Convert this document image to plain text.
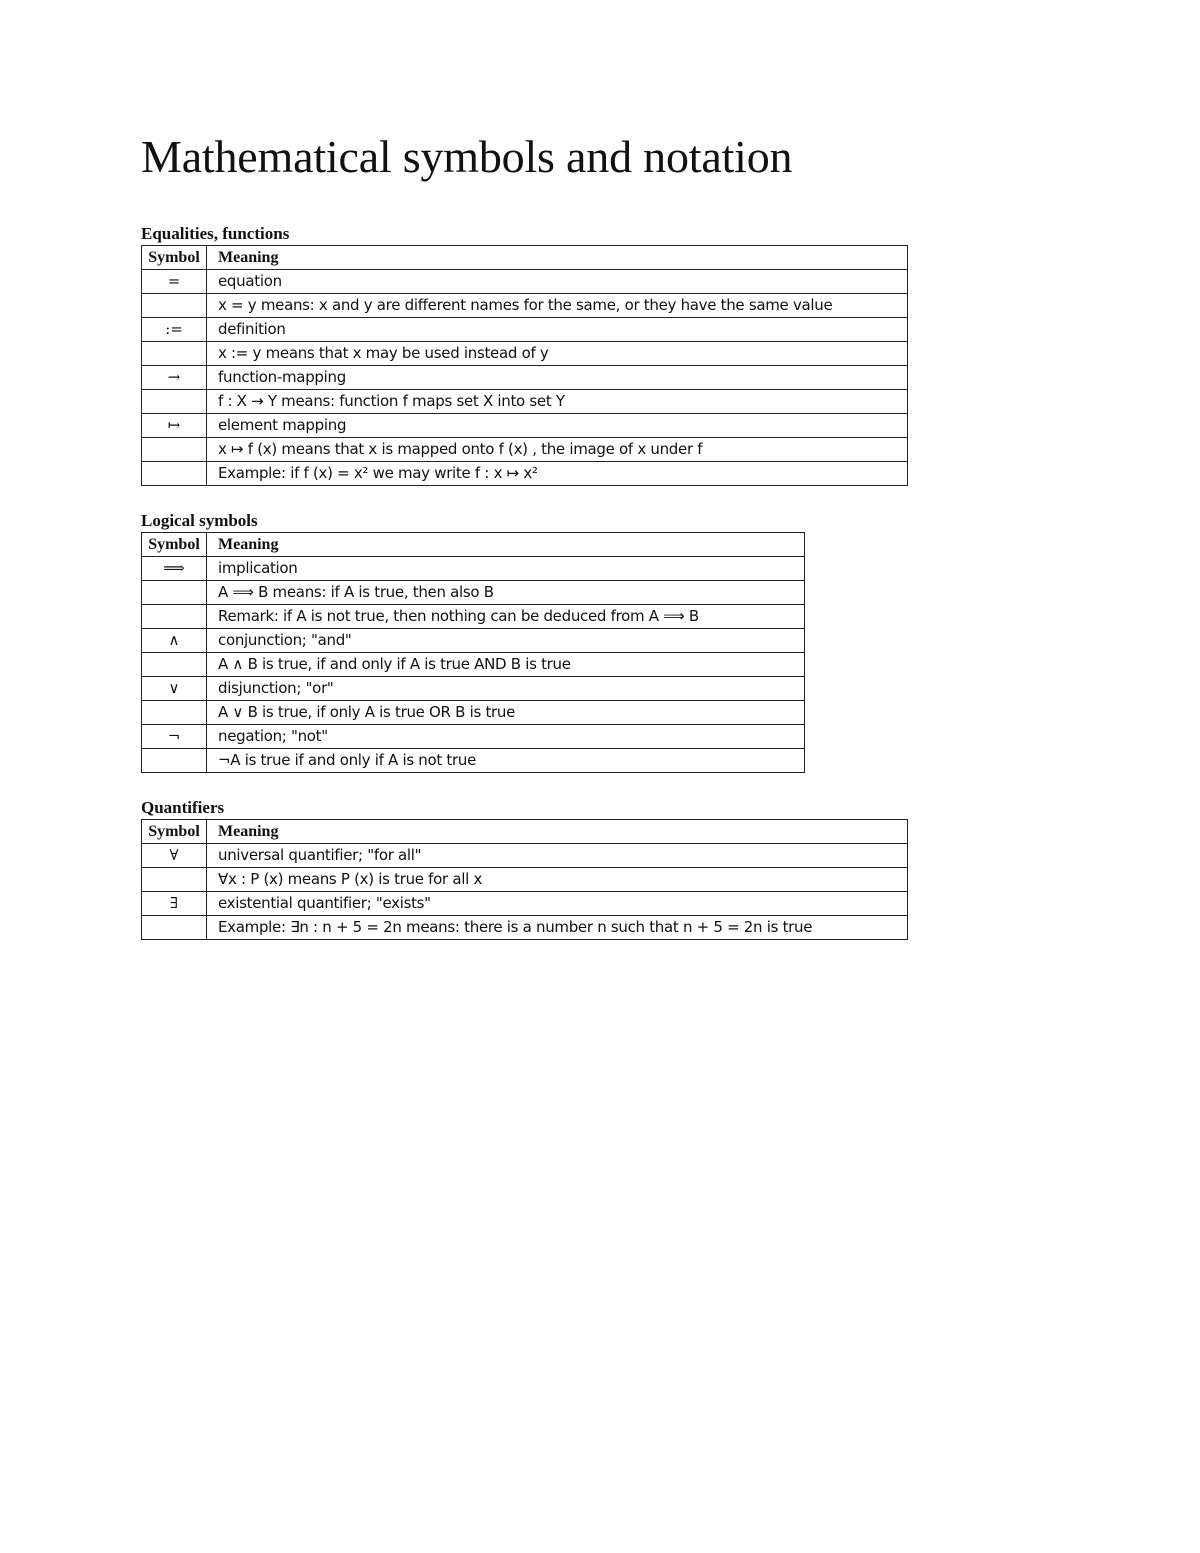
Mathematical symbols and notation
Equalities, functions
Symbol	Meaning
=	equation
	x = y means: x and y are different names for the same, or they have the same value
:=	definition
	x := y means that x may be used instead of y
→	function-mapping
	f : X → Y means: function f maps set X into set Y
↦	element mapping
	x ↦ f (x) means that x is mapped onto f (x) , the image of x under f
	Example: if f (x) = x² we may write f : x ↦ x²
Logical symbols
Symbol	Meaning
⟹	implication
	A ⟹ B means: if A is true, then also B
	Remark: if A is not true, then nothing can be deduced from A ⟹ B
∧	conjunction; "and"
	A ∧ B is true, if and only if A is true AND B is true
∨	disjunction; "or"
	A ∨ B is true, if only A is true OR B is true
¬	negation; "not"
	¬A is true if and only if A is not true
Quantifiers
Symbol	Meaning
∀	universal quantifier; "for all"
	∀x : P (x) means P (x) is true for all x
∃	existential quantifier; "exists"
	Example: ∃n : n + 5 = 2n means: there is a number n such that n + 5 = 2n is true
